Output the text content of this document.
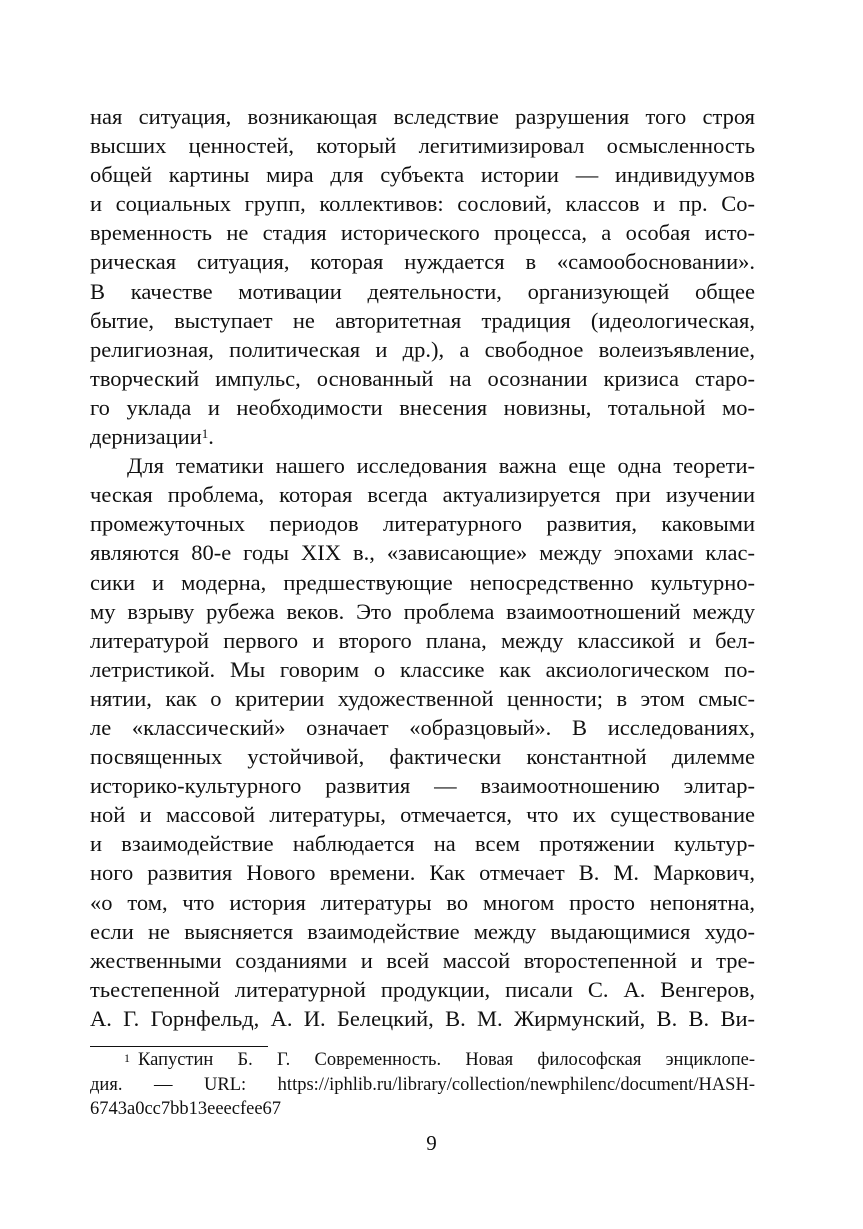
ная ситуация, возникающая вследствие разрушения того строя
высших ценностей, который легитимизировал осмысленность
общей картины мира для субъекта истории — индивидуумов
и социальных групп, коллективов: сословий, классов и пр. Со-
временность не стадия исторического процесса, а особая исто-
рическая ситуация, которая нуждается в «самообосновании».
В качестве мотивации деятельности, организующей общее
бытие, выступает не авторитетная традиция (идеологическая,
религиозная, политическая и др.), а свободное волеизъявление,
творческий импульс, основанный на осознании кризиса старо-
го уклада и необходимости внесения новизны, тотальной мо-
дернизации$^1$.
Для тематики нашего исследования важна еще одна теорети-
ческая проблема, которая всегда актуализируется при изучении
промежуточных периодов литературного развития, каковыми
являются 80-е годы XIX в., «зависающие» между эпохами клас-
сики и модерна, предшествующие непосредственно культурно-
му взрыву рубежа веков. Это проблема взаимоотношений между
литературой первого и второго плана, между классикой и бел-
летристикой. Мы говорим о классике как аксиологическом по-
нятии, как о критерии художественной ценности; в этом смыс-
ле «классический» означает «образцовый». В исследованиях,
посвященных устойчивой, фактически константной дилемме
историко-культурного развития — взаимоотношению элитар-
ной и массовой литературы, отмечается, что их существование
и взаимодействие наблюдается на всем протяжении культур-
ного развития Нового времени. Как отмечает В. М. Маркович,
«о том, что история литературы во многом просто непонятна,
если не выясняется взаимодействие между выдающимися худо-
жественными созданиями и всей массой второстепенной и тре-
тьестепенной литературной продукции, писали С. А. Венгеров,
А. Г. Горнфельд, А. И. Белецкий, В. М. Жирмунский, В. В. Ви-
$^1$ Капустин Б. Г. Современность. Новая философская энциклопе-
дия. — URL: https://iphlib.ru/library/collection/newphilenc/document/HASH-
6743a0cc7bb13eeecfee67
9
